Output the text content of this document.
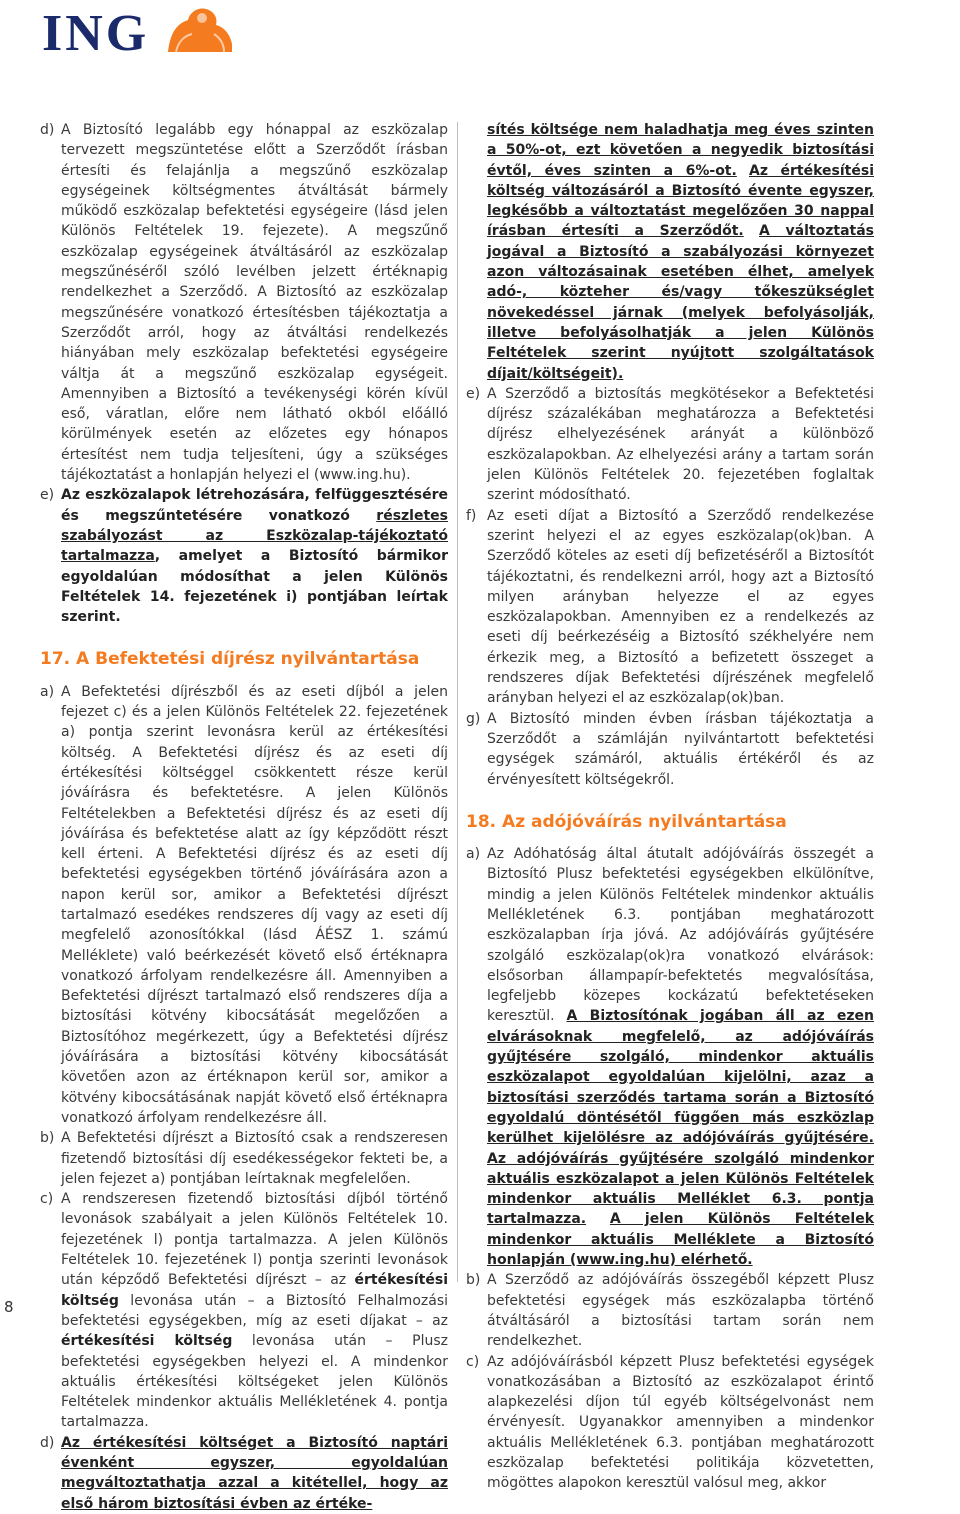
ING

d) A Biztosító legalább egy hónappal az eszközalap tervezett megszüntetése előtt a Szerződőt írásban értesíti és felajánlja a megszűnő eszközalap egységeinek költségmentes átváltását bármely működő eszközalap befektetési egységeire (lásd jelen Különös Feltételek 19. fejezete). A megszűnő eszközalap egységeinek átváltásáról az eszközalap megszűnéséről szóló levélben jelzett értéknapig rendelkezhet a Szerződő. A Biztosító az eszközalap megszűnésére vonatkozó értesítésben tájékoztatja a Szerződőt arról, hogy az átváltási rendelkezés hiányában mely eszközalap befektetési egységeire váltja át a megszűnő eszközalap egységeit. Amennyiben a Biztosító a tevékenységi körén kívül eső, váratlan, előre nem látható okból előálló körülmények esetén az előzetes egy hónapos értesítést nem tudja teljesíteni, úgy a szükséges tájékoztatást a honlapján helyezi el (www.ing.hu).

e) Az eszközalapok létrehozására, felfüggesztésére és megszűntetésére vonatkozó részletes szabályozást az Eszközalap-tájékoztató tartalmazza, amelyet a Biztosító bármikor egyoldalúan módosíthat a jelen Különös Feltételek 14. fejezetének i) pontjában leírtak szerint.

17. A Befektetési díjrész nyilvántartása

a) A Befektetési díjrészből és az eseti díjból a jelen fejezet c) és a jelen Különös Feltételek 22. fejezetének a) pontja szerint levonásra kerül az értékesítési költség. A Befektetési díjrész és az eseti díj értékesítési költséggel csökkentett része kerül jóváírásra és befektetésre. A jelen Különös Feltételekben a Befektetési díjrész és az eseti díj jóváírása és befektetése alatt az így képződött részt kell érteni. A Befektetési díjrész és az eseti díj befektetési egységekben történő jóváírására azon a napon kerül sor, amikor a Befektetési díjrészt tartalmazó esedékes rendszeres díj vagy az eseti díj megfelelő azonosítókkal (lásd ÁÉSZ 1. számú Melléklete) való beérkezését követő első értéknapra vonatkozó árfolyam rendelkezésre áll. Amennyiben a Befektetési díjrészt tartalmazó első rendszeres díja a biztosítási kötvény kibocsátását megelőzően a Biztosítóhoz megérkezett, úgy a Befektetési díjrész jóváírására a biztosítási kötvény kibocsátását követően azon az értéknapon kerül sor, amikor a kötvény kibocsátásának napját követő első értéknapra vonatkozó árfolyam rendelkezésre áll.

b) A Befektetési díjrészt a Biztosító csak a rendszeresen fizetendő biztosítási díj esedékességekor fekteti be, a jelen fejezet a) pontjában leírtaknak megfelelően.

c) A rendszeresen fizetendő biztosítási díjból történő levonások szabályait a jelen Különös Feltételek 10. fejezetének l) pontja tartalmazza. A jelen Különös Feltételek 10. fejezetének l) pontja szerinti levonások után képződő Befektetési díjrészt – az értékesítési költség levonása után – a Biztosító Felhalmozási befektetési egységekben, míg az eseti díjakat – az értékesítési költség levonása után – Plusz befektetési egységekben helyezi el. A mindenkor aktuális értékesítési költségeket jelen Különös Feltételek mindenkor aktuális Mellékletének 4. pontja tartalmazza.

d) Az értékesítési költséget a Biztosító naptári évenként egyszer, egyoldalúan megváltoztathatja azzal a kitétellel, hogy az első három biztosítási évben az értéke-

sítés költsége nem haladhatja meg éves szinten a 50%-ot, ezt követően a negyedik biztosítási évtől, éves szinten a 6%-ot. Az értékesítési költség változásáról a Biztosító évente egyszer, legkésőbb a változtatást megelőzően 30 nappal írásban értesíti a Szerződőt. A változtatás jogával a Biztosító a szabályozási környezet azon változásainak esetében élhet, amelyek adó-, közteher és/vagy tőkeszükséglet növekedéssel járnak (melyek befolyásolják, illetve befolyásolhatják a jelen Különös Feltételek szerint nyújtott szolgáltatások díjait/költségeit).

e) A Szerződő a biztosítás megkötésekor a Befektetési díjrész százalékában meghatározza a Befektetési díjrész elhelyezésének arányát a különböző eszközalapokban. Az elhelyezési arány a tartam során jelen Különös Feltételek 20. fejezetében foglaltak szerint módosítható.

f) Az eseti díjat a Biztosító a Szerződő rendelkezése szerint helyezi el az egyes eszközalap(ok)ban. A Szerződő köteles az eseti díj befizetéséről a Biztosítót tájékoztatni, és rendelkezni arról, hogy azt a Biztosító milyen arányban helyezze el az egyes eszközalapokban. Amennyiben ez a rendelkezés az eseti díj beérkezéséig a Biztosító székhelyére nem érkezik meg, a Biztosító a befizetett összeget a rendszeres díjak Befektetési díjrészének megfelelő arányban helyezi el az eszközalap(ok)ban.

g) A Biztosító minden évben írásban tájékoztatja a Szerződőt a számláján nyilvántartott befektetési egységek számáról, aktuális értékéről és az érvényesített költségekről.

18. Az adójóváírás nyilvántartása

a) Az Adóhatóság által átutalt adójóváírás összegét a Biztosító Plusz befektetési egységekben elkülönítve, mindig a jelen Különös Feltételek mindenkor aktuális Mellékletének 6.3. pontjában meghatározott eszközalapban írja jóvá. Az adójóváírás gyűjtésére szolgáló eszközalap(ok)ra vonatkozó elvárások: elsősorban állampapír-befektetés megvalósítása, legfeljebb közepes kockázatú befektetéseken keresztül. A Biztosítónak jogában áll az ezen elvárásoknak megfelelő, az adójóváírás gyűjtésére szolgáló, mindenkor aktuális eszközalapot egyoldalúan kijelölni, azaz a biztosítási szerződés tartama során a Biztosító egyoldalú döntésétől függően más eszközlap kerülhet kijelölésre az adójóváírás gyűjtésére. Az adójóváírás gyűjtésére szolgáló mindenkor aktuális eszközalapot a jelen Különös Feltételek mindenkor aktuális Melléklet 6.3. pontja tartalmazza. A jelen Különös Feltételek mindenkor aktuális Melléklete a Biztosító honlapján (www.ing.hu) elérhető.

b) A Szerződő az adójóváírás összegéből képzett Plusz befektetési egységek más eszközalapba történő átváltásáról a biztosítási tartam során nem rendelkezhet.

c) Az adójóváírásból képzett Plusz befektetési egységek vonatkozásában a Biztosító az eszközalapot érintő alapkezelési díjon túl egyéb költségelvonást nem érvényesít. Ugyanakkor amennyiben a mindenkor aktuális Mellékletének 6.3. pontjában meghatározott eszközalap befektetési politikája közvetetten, mögöttes alapokon keresztül valósul meg, akkor

8
